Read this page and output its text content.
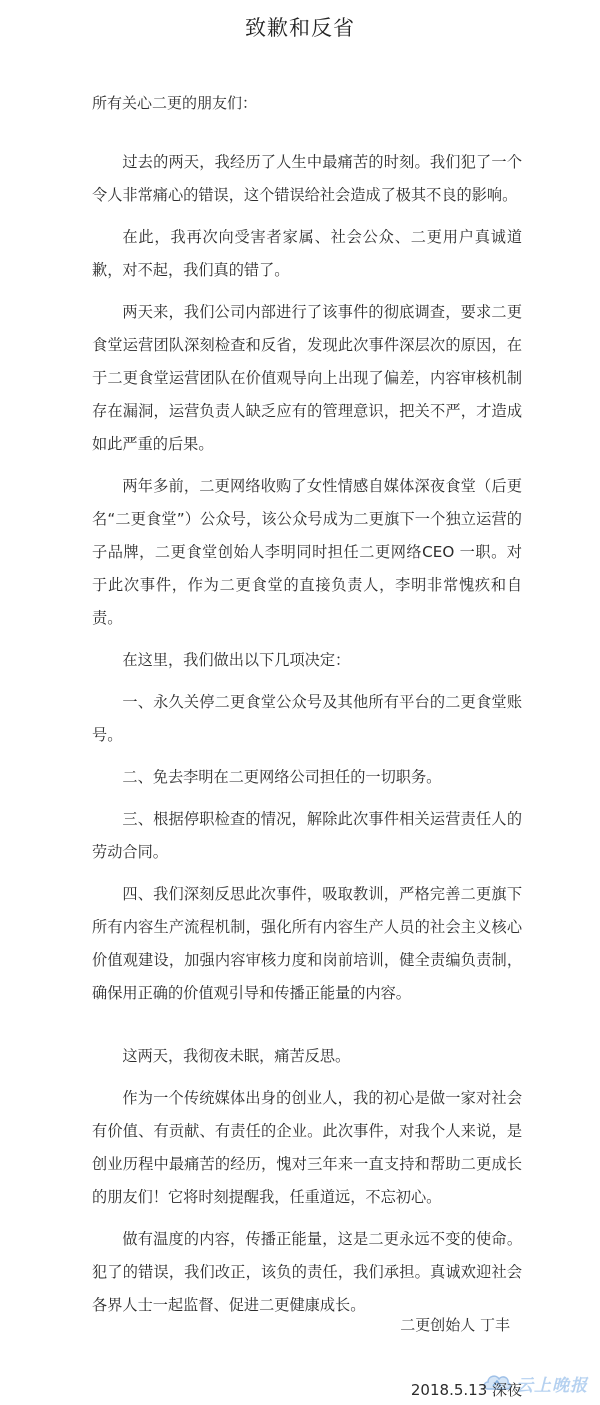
致歉和反省
所有关心二更的朋友们：

过去的两天，我经历了人生中最痛苦的时刻。我们犯了一个令人非常痛心的错误，这个错误给社会造成了极其不良的影响。

在此，我再次向受害者家属、社会公众、二更用户真诚道歉，对不起，我们真的错了。

两天来，我们公司内部进行了该事件的彻底调查，要求二更食堂运营团队深刻检查和反省，发现此次事件深层次的原因，在于二更食堂运营团队在价值观导向上出现了偏差，内容审核机制存在漏洞，运营负责人缺乏应有的管理意识，把关不严，才造成如此严重的后果。

两年多前，二更网络收购了女性情感自媒体深夜食堂（后更名“二更食堂”）公众号，该公众号成为二更旗下一个独立运营的子品牌，二更食堂创始人李明同时担任二更网络CEO 一职。对于此次事件，作为二更食堂的直接负责人，李明非常愧疚和自责。

在这里，我们做出以下几项决定：

一、永久关停二更食堂公众号及其他所有平台的二更食堂账号。

二、免去李明在二更网络公司担任的一切职务。

三、根据停职检查的情况，解除此次事件相关运营责任人的劳动合同。

四、我们深刻反思此次事件，吸取教训，严格完善二更旗下所有内容生产流程机制，强化所有内容生产人员的社会主义核心价值观建设，加强内容审核力度和岗前培训，健全责编负责制，确保用正确的价值观引导和传播正能量的内容。

这两天，我彻夜未眠，痛苦反思。

作为一个传统媒体出身的创业人，我的初心是做一家对社会有价值、有贡献、有责任的企业。此次事件，对我个人来说，是创业历程中最痛苦的经历，愧对三年来一直支持和帮助二更成长的朋友们！它将时刻提醒我，任重道远，不忘初心。

做有温度的内容，传播正能量，这是二更永远不变的使命。犯了的错误，我们改正，该负的责任，我们承担。真诚欢迎社会各界人士一起监督、促进二更健康成长。

二更创始人 丁丰
云上晚报
2018.5.13 深夜
